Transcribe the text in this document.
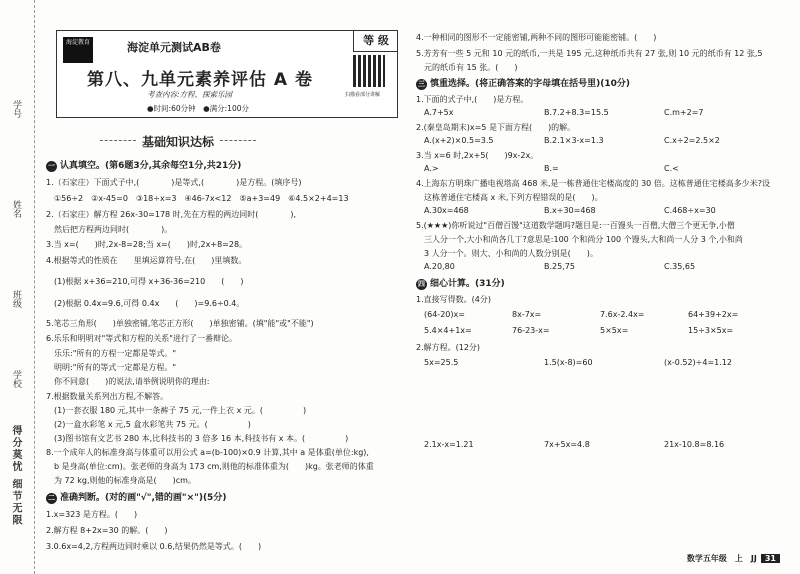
学号
姓名
班级
学校
得分莫忧 细节无限
海淀教育	海淀单元测试AB卷
等 级
第八、九单元素养评估 A 卷
考查内容:方程、探索乐园
●时间:60分钟　●满分:100分
扫描看部分讲解
基础知识达标
一 认真填空。(第6题3分,其余每空1分,共21分)
1.（石家庄）下面式子中,(　　　　)是等式,(　　　　)是方程。(填序号)
①56÷2　②x-45=0　③18÷x=3　④46-7x<12　⑤a+3=49　⑥4.5×2+4=13
2.（石家庄）解方程 26x-30=178 时,先在方程的两边同时(　　　　),
然后把方程两边同时(　　　　)。
3.当 x=(　　)时,2x-8=28;当 x=(　　)时,2x+8=28。
4.根据等式的性质在　　里填运算符号,在(　　)里填数。
(1)根据 x+36=210,可得 x+36-36=210　　(　　)
(2)根据 0.4x=9.6,可得 0.4x　　(　　)=9.6÷0.4。
5.笔芯三角形(　　)单独密铺,笔芯正方形(　　)单独密铺。(填"能"或"不能")
6.乐乐和明明对"等式和方程的关系"进行了一番辩论。
乐乐:"所有的方程一定都是等式。"
明明:"所有的等式一定都是方程。"
你不同意(　　)的说法,请举例说明你的理由:
7.根据数量关系列出方程,不解答。
(1)一套衣服 180 元,其中一条裤子 75 元,一件上衣 x 元。(　　　　　)
(2)一盒水彩笔 x 元,5 盒水彩笔共 75 元。(　　　　　)
(3)图书馆有文艺书 280 本,比科技书的 3 倍多 16 本,科技书有 x 本。(　　　　　)
8.一个成年人的标准身高与体重可以用公式 a=(b-100)×0.9 计算,其中 a 是体重(单位:kg),
b 是身高(单位:cm)。张老师的身高为 173 cm,则他的标准体重为(　　)kg。张老师的体重
为 72 kg,则他的标准身高是(　　)cm。
二 准确判断。(对的画"√",错的画"×")(5分)
1.x=323 是方程。(　　)
2.解方程 8+2x=30 的解。(　　)
3.0.6x=4,2,方程两边同时乘以 0.6,结果仍然是等式。(　　)
4.一种相同的图形不一定能密铺,两种不同的图形可能能密铺。(　　)
5.芳芳有一些 5 元和 10 元的纸币,一共是 195 元,这种纸币共有 27 张,则 10 元的纸币有 12 张,5
元的纸币有 15 张。(　　)
三 慎重选择。(将正确答案的字母填在括号里)(10分)
1.下面的式子中,(　　)是方程。
A.7+5x	B.7.2+8.3=15.5	C.m+2=7
2.(秦皇岛期末)x=5 是下面方程(　　)的解。
A.(x+2)×0.5=3.5	B.2.1×3-x=1.3	C.x÷2=2.5×2
3.当 x=6 时,2x+5(　　)9x-2x。
A.>	B.=	C.<
4.上海东方明珠广播电视塔高 468 米,是一栋普通住宅楼高度的 30 倍。这栋普通住宅楼高多少米?设
这栋普通住宅楼高 x 米,下列方程错误的是(　　)。
A.30x=468	B.x÷30=468	C.468÷x=30
5.(★★★)你听说过"百僧百馒"这道数学题吗?题目是:一百馒头一百僧,大僧三个更无争,小僧
三人分一个,大小和尚各几丁?意思是:100 个和尚分 100 个馒头,大和尚一人分 3 个,小和尚
3 人分一个。则大、小和尚的人数分别是(　　)。
A.20,80	B.25,75	C.35,65
四 细心计算。(31分)
1.直接写得数。(4分)
(64-20)x=	8x-7x=	7.6x-2.4x=	64+39+2x=
5.4×4+1x=	76-23-x=	5×5x=	15÷3×5x=
2.解方程。(12分)
5x=25.5	1.5(x-8)=60	(x-0.52)÷4=1.12
2.1x-x=1.21	7x+5x=4.8	21x-10.8=8.16
数学五年级　上　JJ 31
